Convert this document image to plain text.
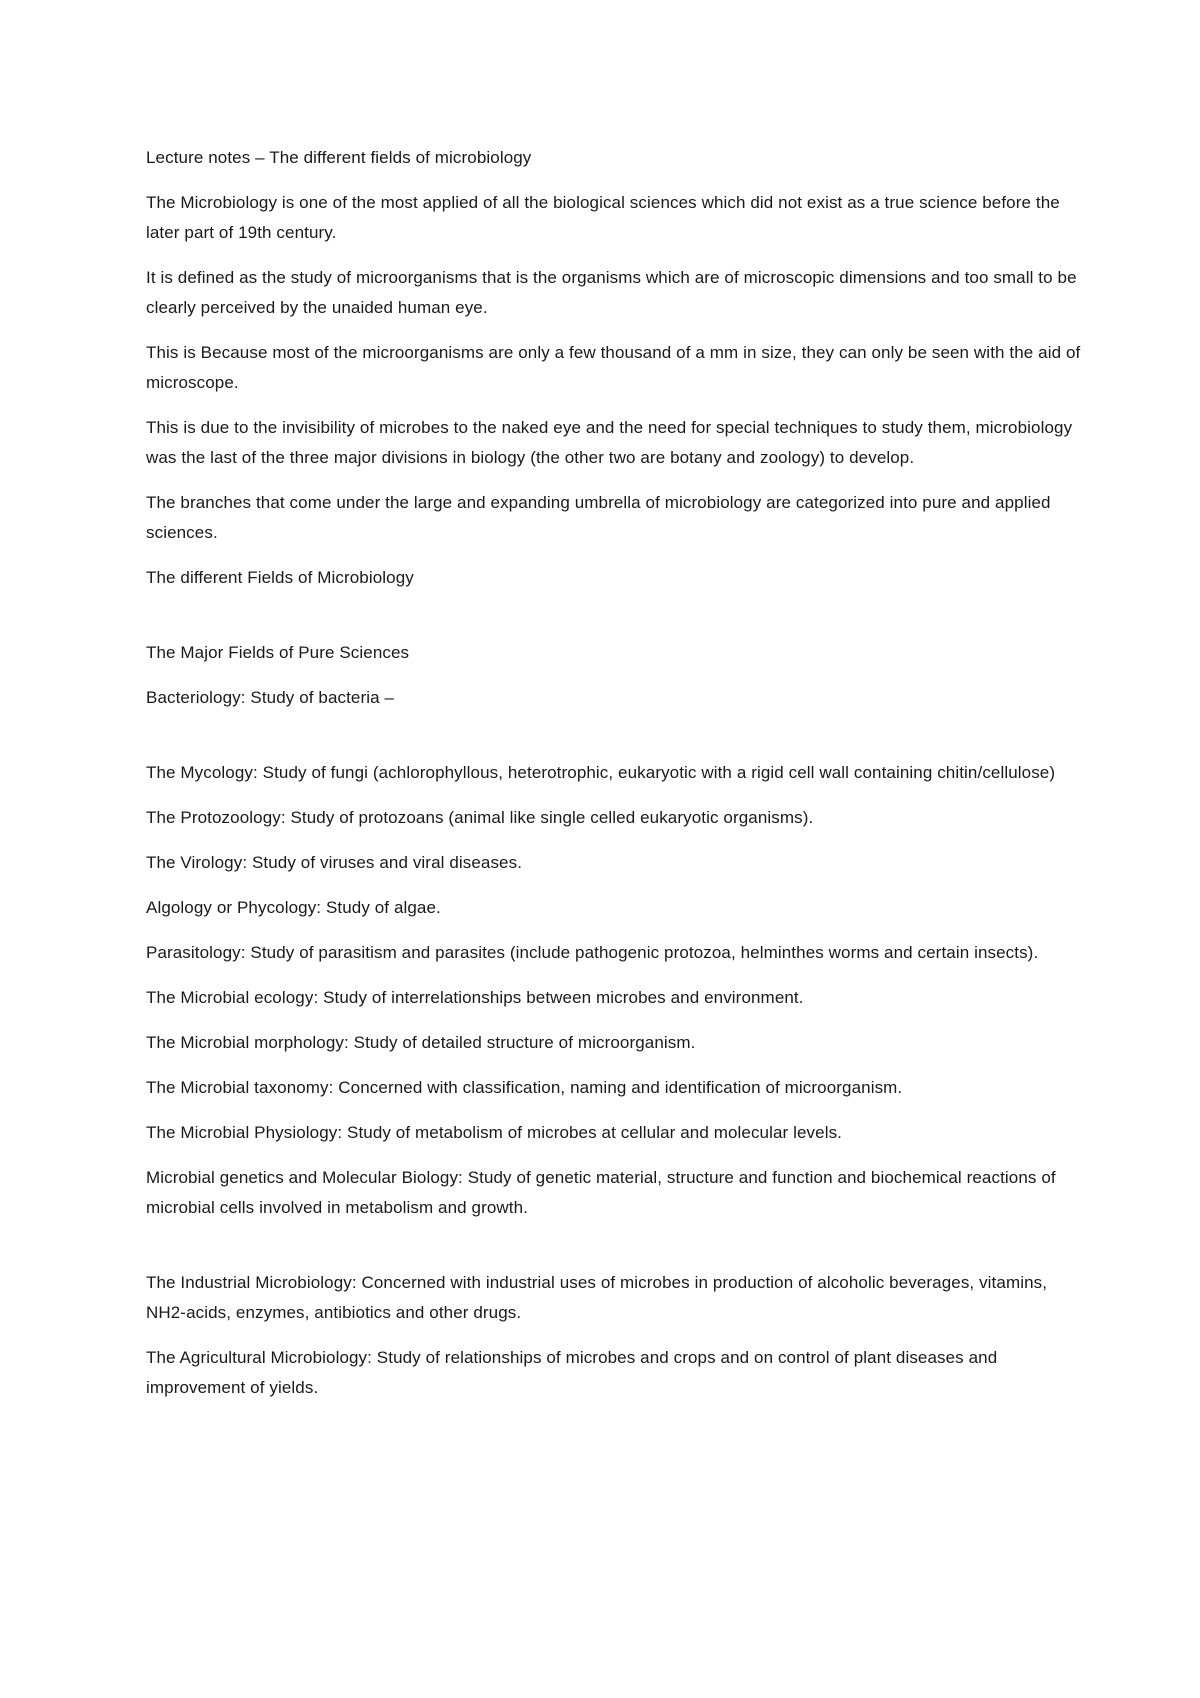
Lecture notes – The different fields of microbiology

The Microbiology is one of the most applied of all the biological sciences which did not exist as a true science before the later part of 19th century.

It is defined as the study of microorganisms that is the organisms which are of microscopic dimensions and too small to be clearly perceived by the unaided human eye.

This is Because most of the microorganisms are only a few thousand of a mm in size, they can only be seen with the aid of microscope.

This is due to the invisibility of microbes to the naked eye and the need for special techniques to study them, microbiology was the last of the three major divisions in biology (the other two are botany and zoology) to develop.

The branches that come under the large and expanding umbrella of microbiology are categorized into pure and applied sciences.

The different Fields of Microbiology

The Major Fields of Pure Sciences

Bacteriology: Study of bacteria –

The Mycology: Study of fungi (achlorophyllous, heterotrophic, eukaryotic with a rigid cell wall containing chitin/cellulose)

The Protozoology: Study of protozoans (animal like single celled eukaryotic organisms).

The Virology: Study of viruses and viral diseases.

Algology or Phycology: Study of algae.

Parasitology: Study of parasitism and parasites (include pathogenic protozoa, helminthes worms and certain insects).

The Microbial ecology: Study of interrelationships between microbes and environment.

The Microbial morphology: Study of detailed structure of microorganism.

The Microbial taxonomy: Concerned with classification, naming and identification of microorganism.

The Microbial Physiology: Study of metabolism of microbes at cellular and molecular levels.

Microbial genetics and Molecular Biology: Study of genetic material, structure and function and biochemical reactions of microbial cells involved in metabolism and growth.

The Industrial Microbiology: Concerned with industrial uses of microbes in production of alcoholic beverages, vitamins, NH2-acids, enzymes, antibiotics and other drugs.

The Agricultural Microbiology: Study of relationships of microbes and crops and on control of plant diseases and improvement of yields.
